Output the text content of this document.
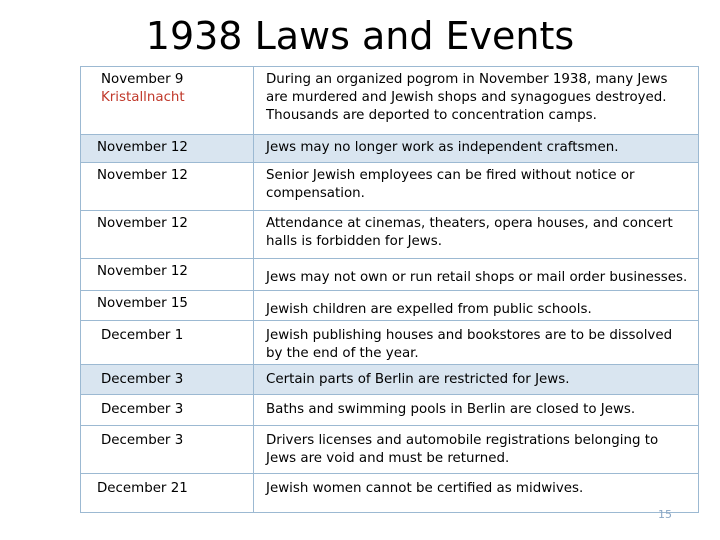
1938 Laws and Events
November 9
Kristallnacht	During an organized pogrom in November 1938, many Jews are murdered and Jewish shops and synagogues destroyed. Thousands are deported to concentration camps.
November 12	Jews may no longer work as independent craftsmen.
November 12	Senior Jewish employees can be fired without notice or compensation.
November 12	Attendance at cinemas, theaters, opera houses, and concert halls is forbidden for Jews.
November 12	Jews may not own or run retail shops or mail order businesses.
November 15	Jewish children are expelled from public schools.
December 1	Jewish publishing houses and bookstores are to be dissolved by the end of the year.
December 3	Certain parts of Berlin are restricted for Jews.
December 3	Baths and swimming pools in Berlin are closed to Jews.
December 3	Drivers licenses and automobile registrations belonging to Jews are void and must be returned.
December 21	Jewish women cannot be certified as midwives.
15
